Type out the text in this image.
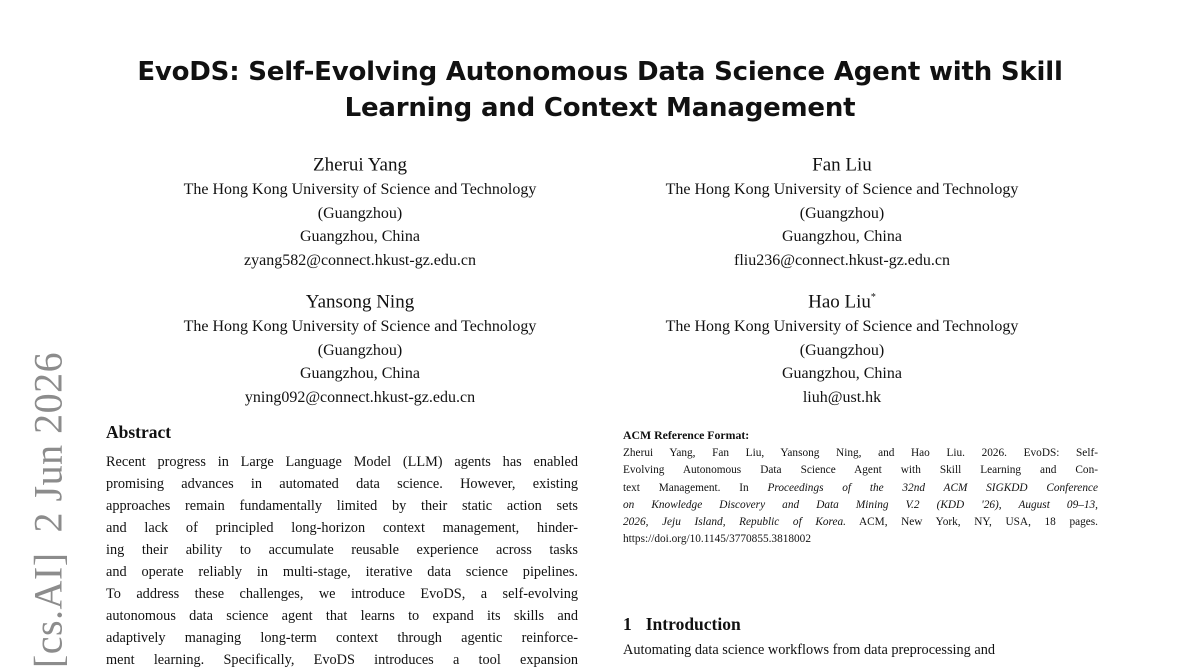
EvoDS: Self-Evolving Autonomous Data Science Agent with Skill
Learning and Context Management
Zherui Yang
The Hong Kong University of Science and Technology
(Guangzhou)
Guangzhou, China
zyang582@connect.hkust-gz.edu.cn
Fan Liu
The Hong Kong University of Science and Technology
(Guangzhou)
Guangzhou, China
fliu236@connect.hkust-gz.edu.cn
Yansong Ning
The Hong Kong University of Science and Technology
(Guangzhou)
Guangzhou, China
yning092@connect.hkust-gz.edu.cn
Hao Liu*
The Hong Kong University of Science and Technology
(Guangzhou)
Guangzhou, China
liuh@ust.hk
[cs.AI]2 Jun 2026 Abstract
Recent progress in Large Language Model (LLM) agents has enabled
promising advances in automated data science. However, existing
approaches remain fundamentally limited by their static action sets
and lack of principled long-horizon context management, hinder-
ing their ability to accumulate reusable experience across tasks
and operate reliably in multi-stage, iterative data science pipelines.
To address these challenges, we introduce EvoDS, a self-evolving
autonomous data science agent that learns to expand its skills and
adaptively managing long-term context through agentic reinforce-
ment learning. Specifically, EvoDS introduces a tool expansion
ACM Reference Format:
Zherui Yang, Fan Liu, Yansong Ning, and Hao Liu. 2026. EvoDS: Self-
Evolving Autonomous Data Science Agent with Skill Learning and Con-
text Management. In Proceedings of the 32nd ACM SIGKDD Conference
on Knowledge Discovery and Data Mining V.2 (KDD '26), August 09–13,
2026, Jeju Island, Republic of Korea. ACM, New York, NY, USA, 18 pages.
https://doi.org/10.1145/3770855.3818002
1 Introduction
Automating data science workflows from data preprocessing and
